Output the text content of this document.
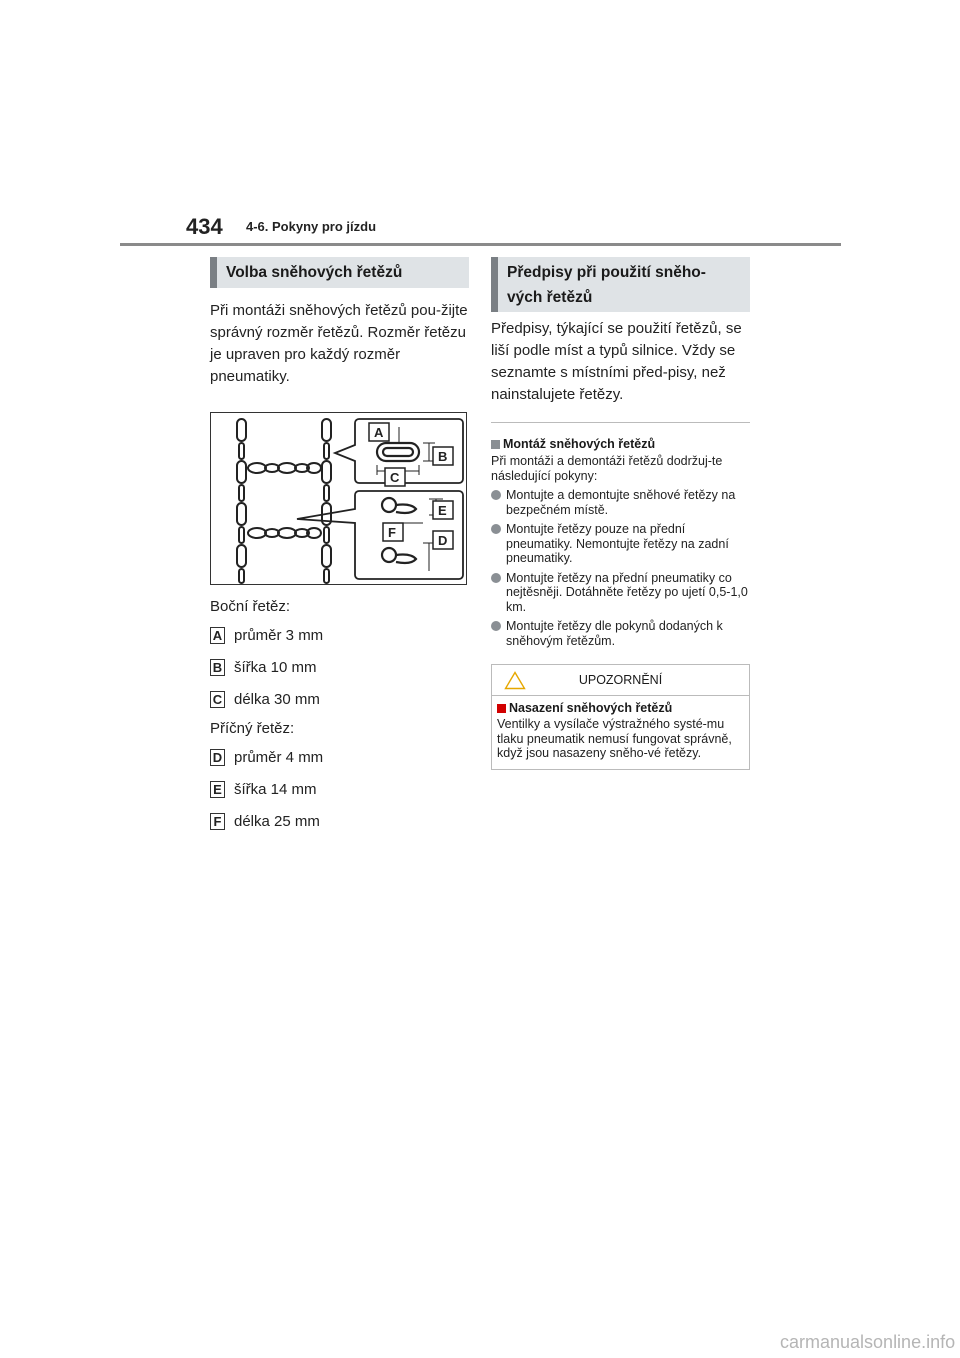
434 4-6. Pokyny pro jízdu
Volba sněhových řetězů
Při montáži sněhových řetězů pou-žijte správný rozměr řetězů. Rozměr řetězu je upraven pro každý rozměr pneumatiky.
A
B
C
E
F
D
Boční řetěz:
A průměr 3 mm
B šířka 10 mm
C délka 30 mm
Příčný řetěz:
D průměr 4 mm
E šířka 14 mm
F délka 25 mm
Předpisy při použití sněho-vých řetězů
Předpisy, týkající se použití řetězů, se liší podle míst a typů silnice. Vždy se seznamte s místními před-pisy, než nainstalujete řetězy.
Montáž sněhových řetězů
Při montáži a demontáži řetězů dodržuj-te následující pokyny:
Montujte a demontujte sněhové řetězy na bezpečném místě.
Montujte řetězy pouze na přední pneumatiky. Nemontujte řetězy na zadní pneumatiky.
Montujte řetězy na přední pneumatiky co nejtěsněji. Dotáhněte řetězy po ujetí 0,5-1,0 km.
Montujte řetězy dle pokynů dodaných k sněhovým řetězům.
UPOZORNĚNÍ
Nasazení sněhových řetězů
Ventilky a vysílače výstražného systé-mu tlaku pneumatik nemusí fungovat správně, když jsou nasazeny sněho-vé řetězy.
carmanualsonline.info
